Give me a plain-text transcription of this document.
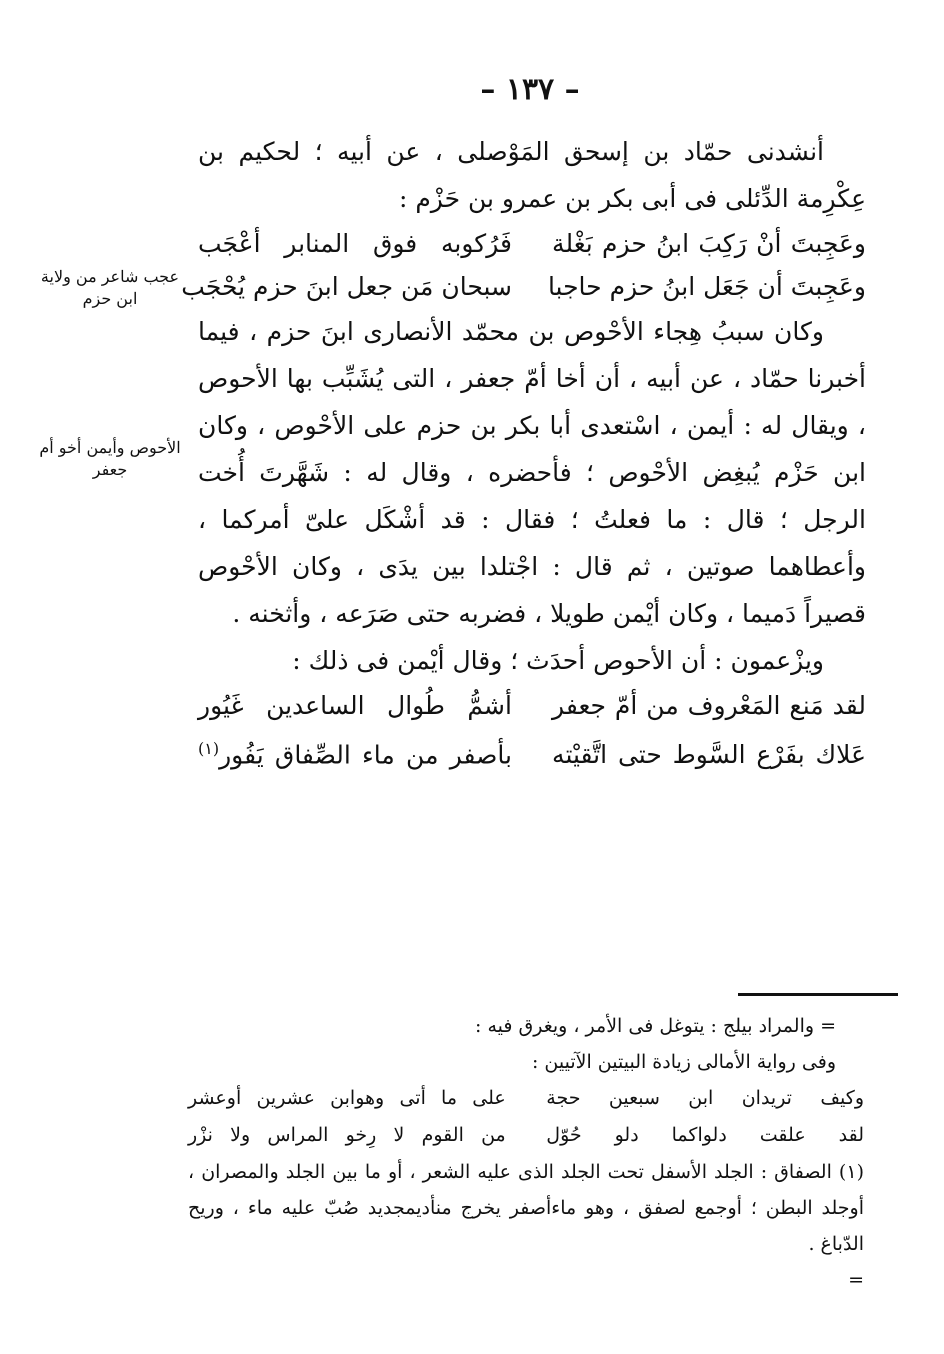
– ١٣٧ –
عجب شاعر من ولاية ابن حزم
الأحوص وأيمن أخو أم جعفر

أنشدنى حمّاد بن إسحق المَوْصلى ، عن أبيه ؛ لحكيم بن عِكْرِمة الدِّئلى فى أبى بكر بن عمرو بن حَزْم :

وعَجِبتَ أنْ رَكِبَ ابنُ حزم بَغْلة
فَرُكوبه فوق المنابر أعْجَب
وعَجِبتَ أن جَعَل ابنُ حزم حاجبا
سبحان مَن جعل ابنَ حزم يُحْجَب

وكان سببُ هِجاء الأحْوص بن محمّد الأنصارى ابنَ حزم ، فيما أخبرنا حمّاد ، عن أبيه ، أن أخا أمّ جعفر ، التى يُشَبِّب بها الأحوص ، ويقال له : أيمن ، اسْتعدى أبا بكر بن حزم على الأحْوص ، وكان ابن حَزْم يُبغِض الأحْوص ؛ فأحضره ، وقال له : شَهَّرتَ أُخت الرجل ؛ قال : ما فعلتُ ؛ فقال : قد أشْكَل علىّ أمركما ، وأعطاهما صوتين ، ثم قال : اجْتلدا بين يدَى ، وكان الأحْوص قصيراً دَميما ، وكان أيْمن طويلا ، فضربه حتى صَرَعه ، وأثخنه .

ويزْعمون : أن الأحوص أحدَث ؛ وقال أيْمن فى ذلك :

لقد مَنع المَعْروف من أمّ جعفر
أشمُّ طُوال الساعدين غَيُور
عَلاك بفَرْع السَّوط حتى اتَّقيْته
بأصفر من ماء الصِّفاق يَفُور$^{(١)}$

= والمراد بيلج : يتوغل فى الأمر ، ويغرق فيه :

وفى رواية الأمالى زيادة البيتين الآتيين :

وكيف تريدان ابن سبعين حجة
على ما أتى وهوابن عشرين أوعشر
لقد علقت دلواكما دلو حُوّل
من القوم لا رِخو المراس ولا نزْر

(١) الصفاق : الجلد الأسفل تحت الجلد الذى عليه الشعر ، أو ما بين الجلد والمصران ، أوجلد البطن ؛ أوجمع لصفق ، وهو ماءأصفر يخرج منأديمجديد صُبّ عليه ماء ، وريح الدّباغ .

=
